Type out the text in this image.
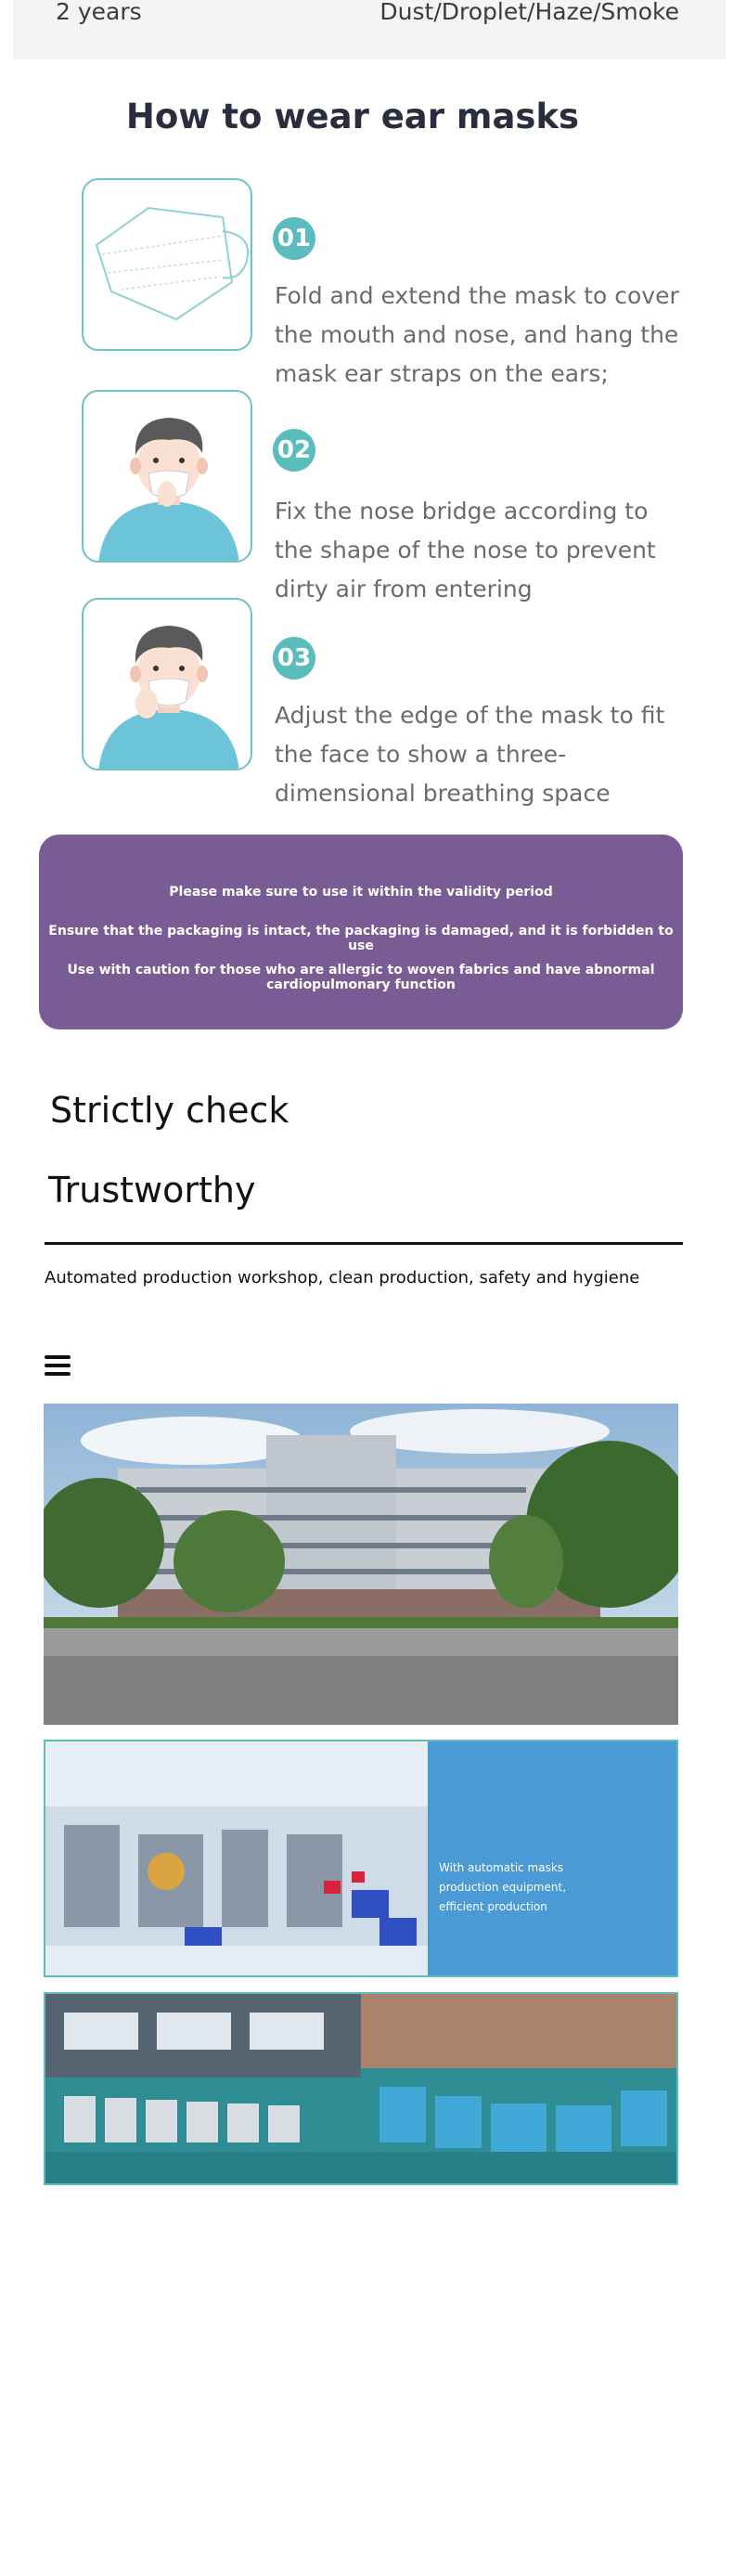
2 years	Dust/Droplet/Haze/Smoke
How to wear ear masks
01
Fold and extend the mask to cover the mouth and nose, and hang the mask ear straps on the ears;
02
Fix the nose bridge according to the shape of the nose to prevent dirty air from entering
03
Adjust the edge of the mask to fit the face to show a three-dimensional breathing space
Please make sure to use it within the validity period
Ensure that the packaging is intact, the packaging is damaged, and it is forbidden to use
Use with caution for those who are allergic to woven fabrics and have abnormal cardiopulmonary function
Strictly check
Trustworthy
Automated production workshop, clean production, safety and hygiene
With automatic masks production equipment, efficient production
